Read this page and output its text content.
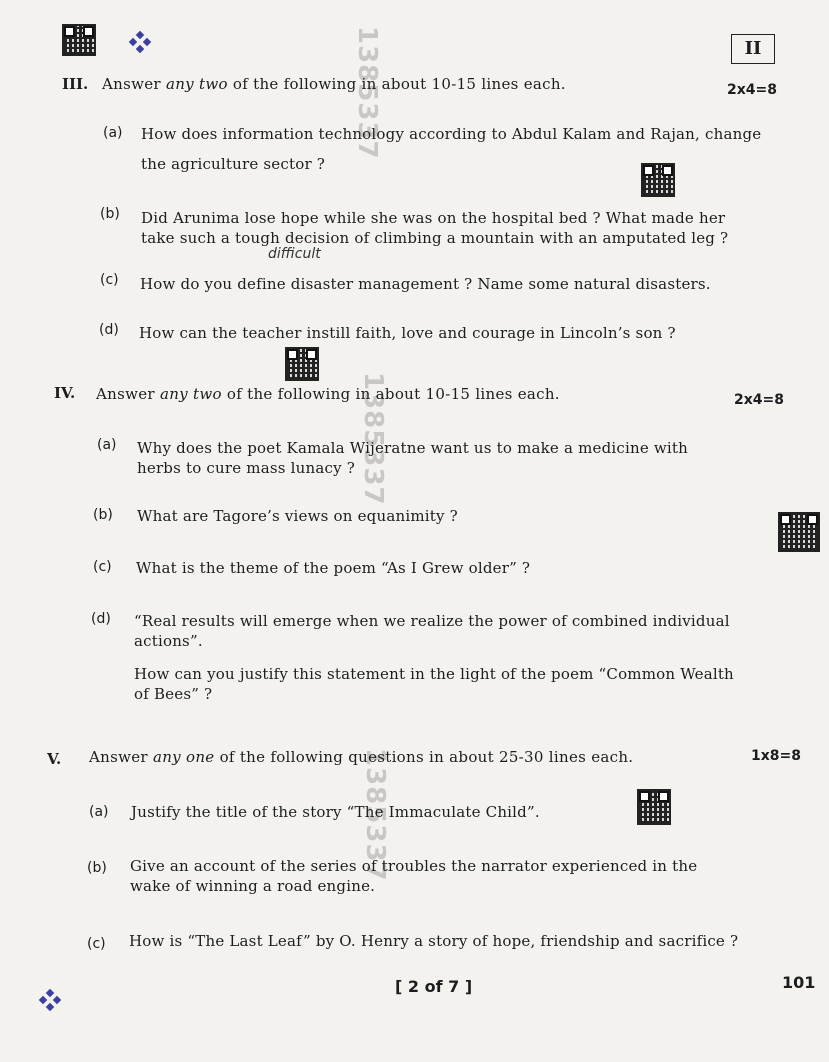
II
1385337
1385337
1385337
III. Answer any two of the following in about 10-15 lines each.	2x4=8
(a) How does information technology according to Abdul Kalam and Rajan, change
the agriculture sector ?
(b) Did Arunima lose hope while she was on the hospital bed ? What made her
take such a tough decision of climbing a mountain with an amputated leg ?
difficult
(c) How do you define disaster management ? Name some natural disasters.
(d) How can the teacher instill faith, love and courage in Lincoln’s son ?
IV. Answer any two of the following in about 10-15 lines each.	2x4=8
(a) Why does the poet Kamala Wijeratne want us to make a medicine with
herbs to cure mass lunacy ?
(b) What are Tagore’s views on equanimity ?
(c) What is the theme of the poem “As I Grew older” ?
(d) “Real results will emerge when we realize the power of combined individual
actions”.
How can you justify this statement in the light of the poem “Common Wealth
of Bees” ?
V. Answer any one of the following questions in about 25-30 lines each.	1x8=8
(a) Justify the title of the story “The Immaculate Child”.
(b) Give an account of the series of troubles the narrator experienced in the
wake of winning a road engine.
(c) How is “The Last Leaf” by O. Henry a story of hope, friendship and sacrifice ?
[ 2 of 7 ]	101
